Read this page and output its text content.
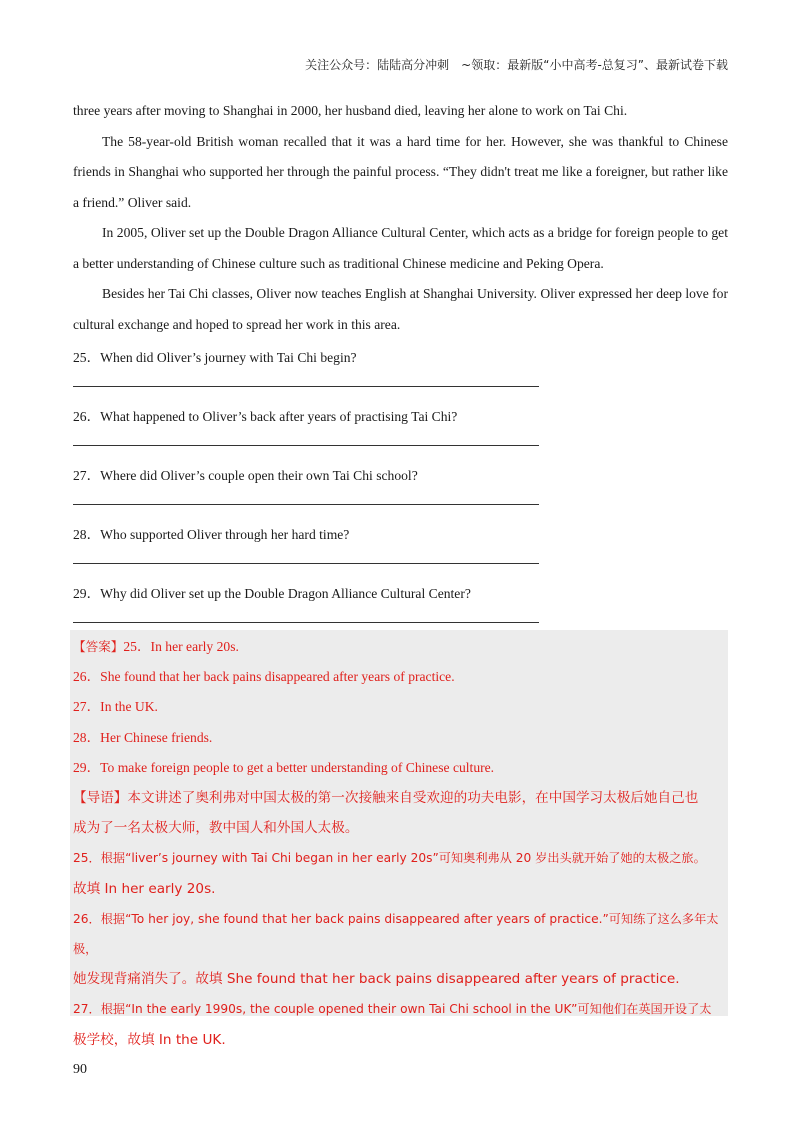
关注公众号：陆陆高分冲刺　~领取：最新版“小中高考-总复习”、最新试卷下载

three years after moving to Shanghai in 2000, her husband died, leaving her alone to work on Tai Chi.

The 58-year-old British woman recalled that it was a hard time for her. However, she was thankful to Chinese friends in Shanghai who supported her through the painful process. “They didn't treat me like a foreigner, but rather like a friend.” Oliver said.

In 2005, Oliver set up the Double Dragon Alliance Cultural Center, which acts as a bridge for foreign people to get a better understanding of Chinese culture such as traditional Chinese medicine and Peking Opera.

Besides her Tai Chi classes, Oliver now teaches English at Shanghai University. Oliver expressed her deep love for cultural exchange and hoped to spread her work in this area.

25．When did Oliver’s journey with Tai Chi begin?

26．What happened to Oliver’s back after years of practising Tai Chi?

27．Where did Oliver’s couple open their own Tai Chi school?

28．Who supported Oliver through her hard time?

29．Why did Oliver set up the Double Dragon Alliance Cultural Center?

【答案】25．In her early 20s.

26．She found that her back pains disappeared after years of practice.

27．In the UK.

28．Her Chinese friends.

29．To make foreign people to get a better understanding of Chinese culture.

【导语】本文讲述了奥利弗对中国太极的第一次接触来自受欢迎的功夫电影，在中国学习太极后她自己也

成为了一名太极大师，教中国人和外国人太极。

25．根据“liver’s journey with Tai Chi began in her early 20s”可知奥利弗从 20 岁出头就开始了她的太极之旅。

故填 In her early 20s.

26．根据“To her joy, she found that her back pains disappeared after years of practice.”可知练了这么多年太极，

她发现背痛消失了。故填 She found that her back pains disappeared after years of practice.

27．根据“In the early 1990s, the couple opened their own Tai Chi school in the UK”可知他们在英国开设了太

极学校，故填 In the UK.

90
